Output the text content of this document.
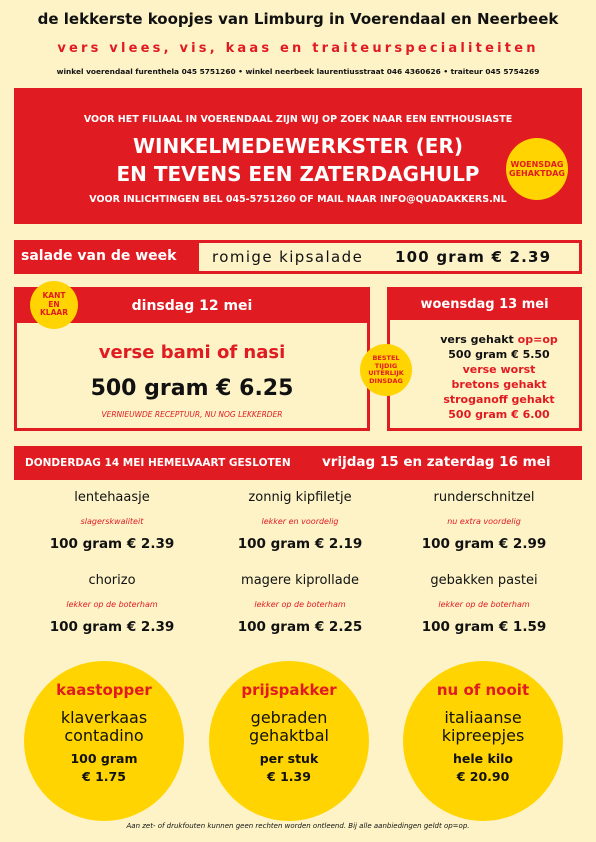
de lekkerste koopjes van Limburg in Voerendaal en Neerbeek
vers vlees, vis, kaas en traiteurspecialiteiten
winkel voerendaal furenthela 045 5751260 • winkel neerbeek laurentiusstraat 046 4360626 • traiteur 045 5754269
VOOR HET FILIAAL IN VOERENDAAL ZIJN WIJ OP ZOEK NAAR EEN ENTHOUSIASTE
WINKELMEDEWERKSTER (ER)
EN TEVENS EEN ZATERDAGHULP
VOOR INLICHTINGEN BEL 045-5751260 OF MAIL NAAR INFO@QUADAKKERS.NL
WOENSDAG
GEHAKTDAG
salade van de week romige kipsalade 100 gram € 2.39
dinsdag 12 mei
verse bami of nasi
500 gram € 6.25
VERNIEUWDE RECEPTUUR, NU NOG LEKKERDER
KANT
EN
KLAAR
woensdag 13 mei
vers gehakt op=op
500 gram € 5.50
verse worst
bretons gehakt
stroganoff gehakt
500 gram € 6.00
BESTEL
TIJDIG
UITERLIJK
DINSDAG
DONDERDAG 14 MEI HEMELVAART GESLOTEN vrijdag 15 en zaterdag 16 mei
lentehaasje
slagerskwaliteit
100 gram € 2.39
zonnig kipfiletje
lekker en voordelig
100 gram € 2.19
runderschnitzel
nu extra voordelig
100 gram € 2.99
chorizo
lekker op de boterham
100 gram € 2.39
magere kiprollade
lekker op de boterham
100 gram € 2.25
gebakken pastei
lekker op de boterham
100 gram € 1.59
kaastopper
klaverkaas
contadino
100 gram
€ 1.75
prijspakker
gebraden
gehaktbal
per stuk
€ 1.39
nu of nooit
italiaanse
kipreepjes
hele kilo
€ 20.90
Aan zet- of drukfouten kunnen geen rechten worden ontleend. Bij alle aanbiedingen geldt op=op.
